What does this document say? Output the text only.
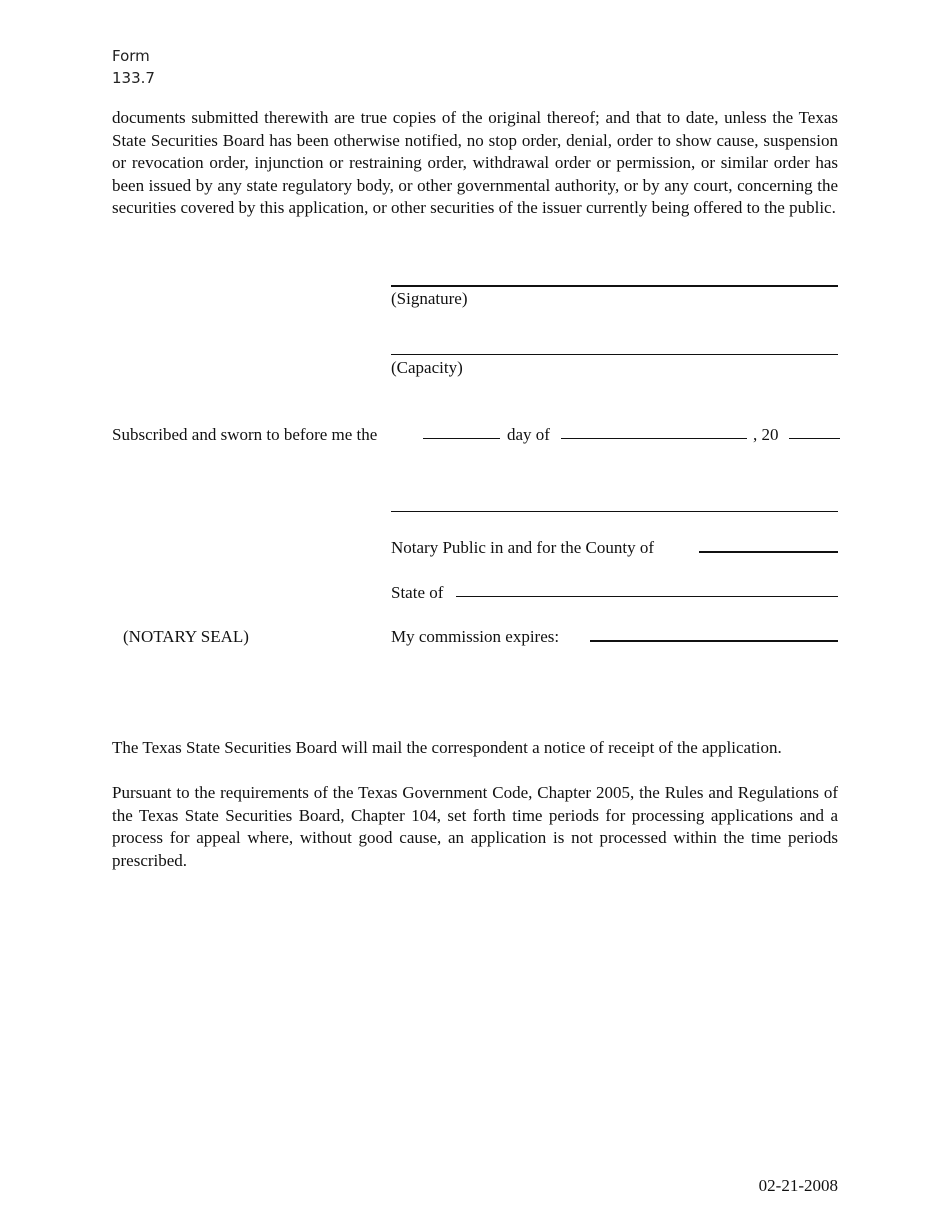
Form
133.7

documents submitted therewith are true copies of the original thereof; and that to date, unless the Texas State Securities Board has been otherwise notified, no stop order, denial, order to show cause, suspension or revocation order, injunction or restraining order, withdrawal order or permission, or similar order has been issued by any state regulatory body, or other governmental authority, or by any court, concerning the securities covered by this application, or other securities of the issuer currently being offered to the public.

(Signature)
(Capacity)
Subscribed and sworn to before me the	day of	, 20
Notary Public in and for the County of
State of
(NOTARY SEAL)	My commission expires:

The Texas State Securities Board will mail the correspondent a notice of receipt of the application.

Pursuant to the requirements of the Texas Government Code, Chapter 2005, the Rules and Regulations of the Texas State Securities Board, Chapter 104, set forth time periods for processing applications and a process for appeal where, without good cause, an application is not processed within the time periods prescribed.

02-21-2008
